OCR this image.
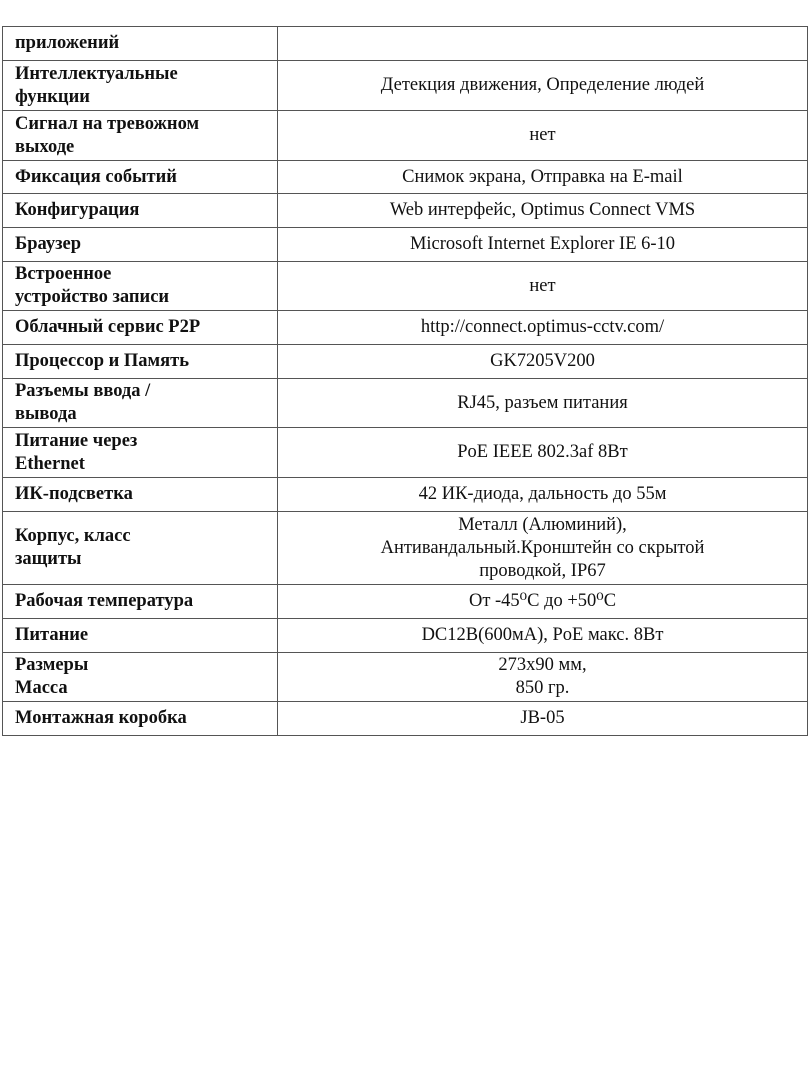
приложений	

Интеллектуальные
функции	Детекция движения, Определение людей

Сигнал на тревожном
выходе	нет

Фиксация событий	Снимок экрана, Отправка на E-mail

Конфигурация	Web интерфейс, Optimus Connect VMS

Браузер	Microsoft Internet Explorer IE 6-10

Встроенное
устройство записи	нет

Облачный сервис P2P	http://connect.optimus-cctv.com/

Процессор и Память	GK7205V200

Разъемы ввода /
вывода	RJ45, разъем питания

Питание через
Ethernet	PoE IEEE 802.3af 8Вт

ИК-подсветка	42 ИК-диода, дальность до 55м

Корпус, класс
защиты	Металл (Алюминий),
Антивандальный.Кронштейн со скрытой
проводкой, IP67

Рабочая температура	От -45⁰С до +50⁰С

Питание	DC12В(600мА), PoE макс. 8Вт

Размеры
Масса	273х90 мм,
850 гр.

Монтажная коробка	JB-05
